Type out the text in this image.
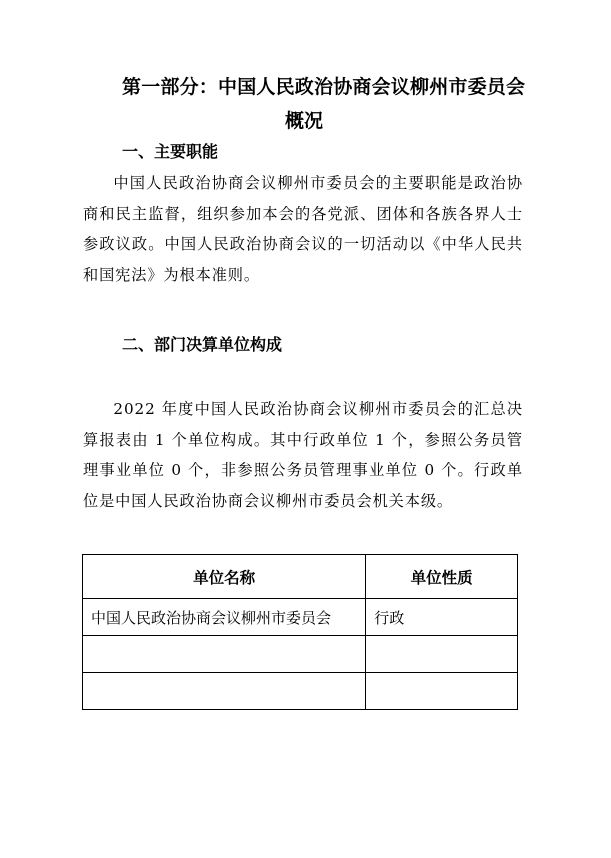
第一部分：中国人民政治协商会议柳州市委员会
概况
一、主要职能

中国人民政治协商会议柳州市委员会的主要职能是政治协商和民主监督，组织参加本会的各党派、团体和各族各界人士参政议政。中国人民政治协商会议的一切活动以《中华人民共和国宪法》为根本准则。

二、部门决算单位构成

2022 年度中国人民政治协商会议柳州市委员会的汇总决算报表由 1 个单位构成。其中行政单位 1 个，参照公务员管理事业单位 0 个，非参照公务员管理事业单位 0 个。行政单位是中国人民政治协商会议柳州市委员会机关本级。

单位名称	单位性质
中国人民政治协商会议柳州市委员会	行政
